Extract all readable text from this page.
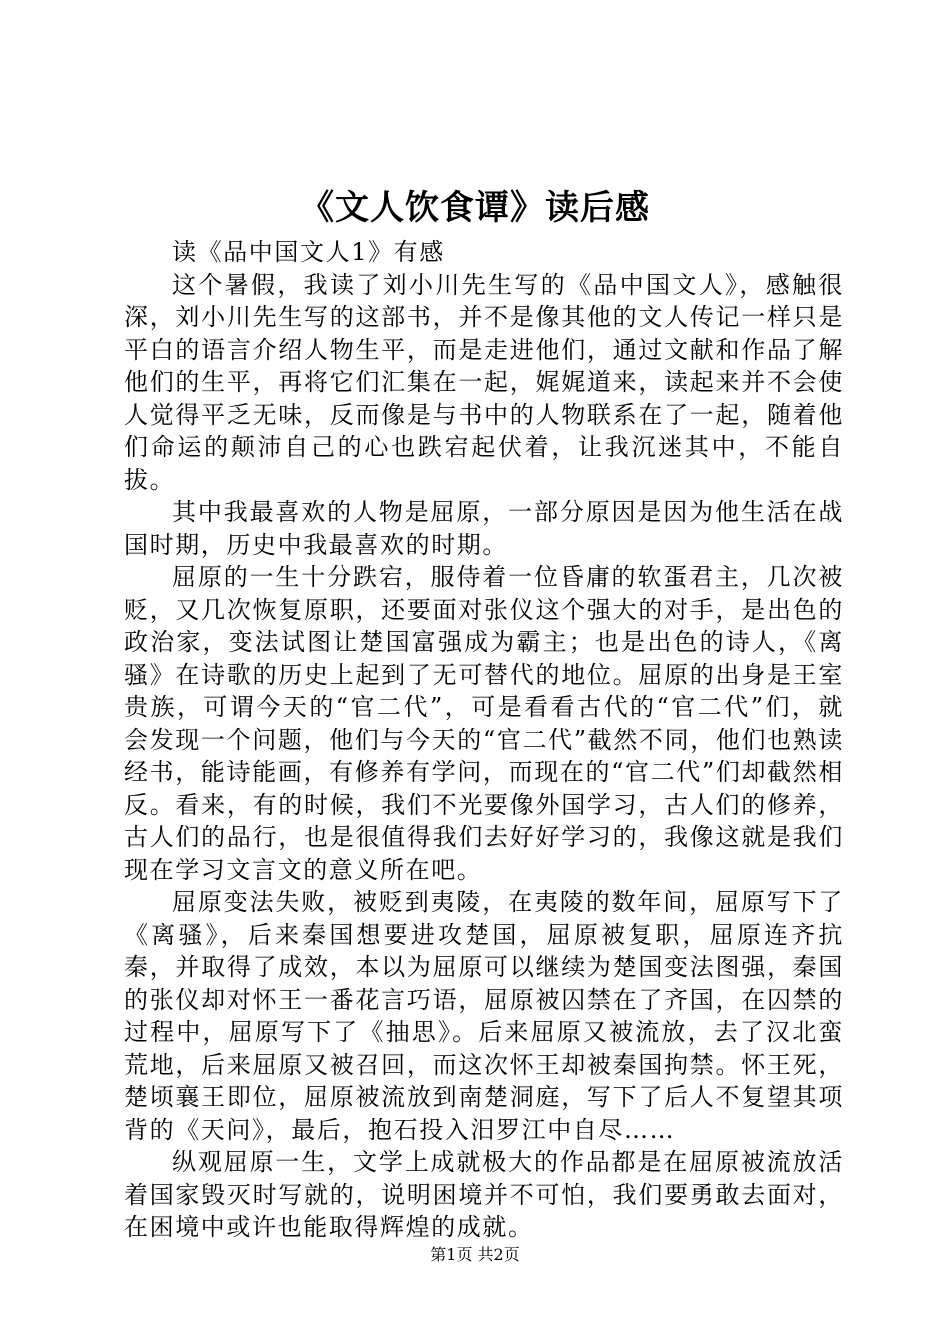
《文人饮食谭》读后感

读《品中国文人1》有感

这个暑假，我读了刘小川先生写的《品中国文人》，感触很深，刘小川先生写的这部书，并不是像其他的文人传记一样只是平白的语言介绍人物生平，而是走进他们，通过文献和作品了解他们的生平，再将它们汇集在一起，娓娓道来，读起来并不会使人觉得平乏无味，反而像是与书中的人物联系在了一起，随着他们命运的颠沛自己的心也跌宕起伏着，让我沉迷其中，不能自拔。

其中我最喜欢的人物是屈原，一部分原因是因为他生活在战国时期，历史中我最喜欢的时期。

屈原的一生十分跌宕，服侍着一位昏庸的软蛋君主，几次被贬，又几次恢复原职，还要面对张仪这个强大的对手，是出色的政治家，变法试图让楚国富强成为霸主；也是出色的诗人，《离骚》在诗歌的历史上起到了无可替代的地位。屈原的出身是王室贵族，可谓今天的“官二代”，可是看看古代的“官二代”们，就会发现一个问题，他们与今天的“官二代”截然不同，他们也熟读经书，能诗能画，有修养有学问，而现在的“官二代”们却截然相反。看来，有的时候，我们不光要像外国学习，古人们的修养，古人们的品行，也是很值得我们去好好学习的，我像这就是我们现在学习文言文的意义所在吧。

屈原变法失败，被贬到夷陵，在夷陵的数年间，屈原写下了《离骚》，后来秦国想要进攻楚国，屈原被复职，屈原连齐抗秦，并取得了成效，本以为屈原可以继续为楚国变法图强，秦国的张仪却对怀王一番花言巧语，屈原被囚禁在了齐国，在囚禁的过程中，屈原写下了《抽思》。后来屈原又被流放，去了汉北蛮荒地，后来屈原又被召回，而这次怀王却被秦国拘禁。怀王死，楚顷襄王即位，屈原被流放到南楚洞庭，写下了后人不复望其项背的《天问》，最后，抱石投入汨罗江中自尽……

纵观屈原一生，文学上成就极大的作品都是在屈原被流放活着国家毁灭时写就的，说明困境并不可怕，我们要勇敢去面对，在困境中或许也能取得辉煌的成就。

第1页 共2页
